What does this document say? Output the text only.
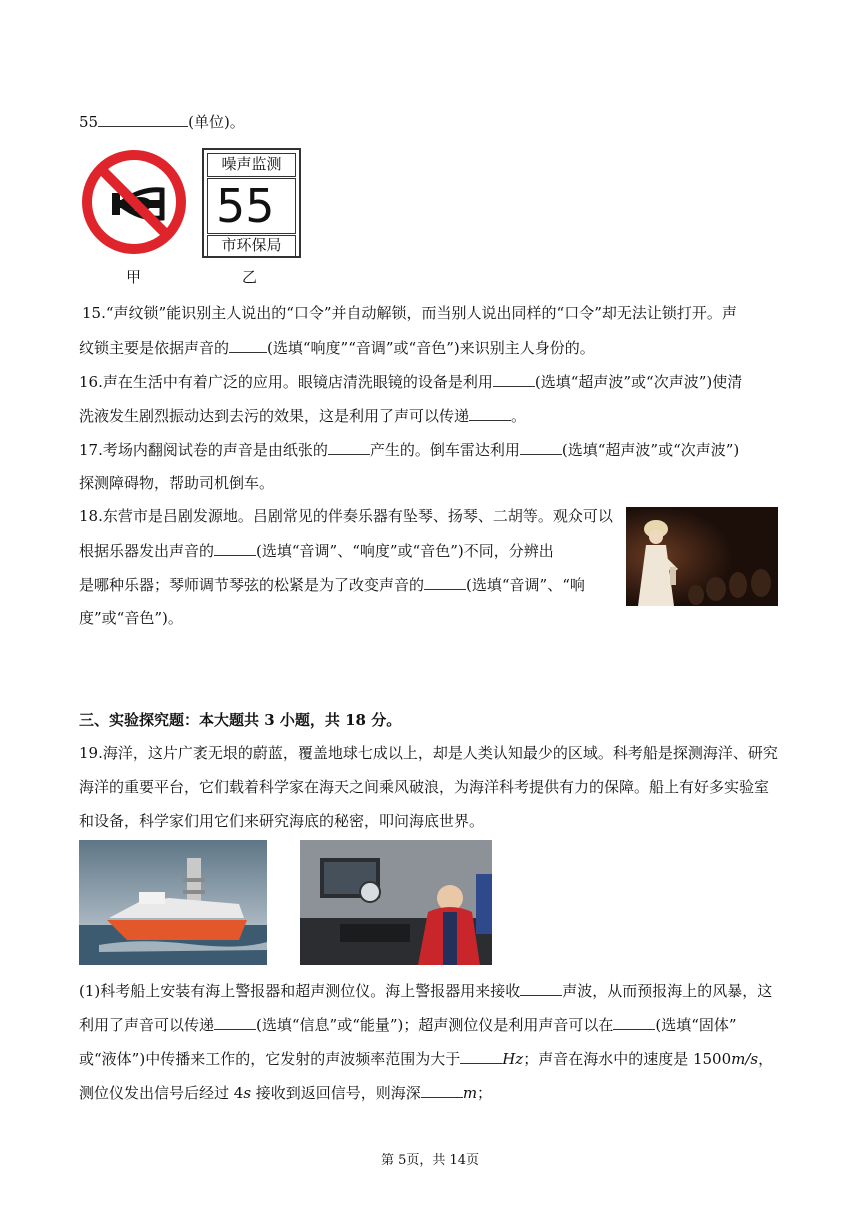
55	(单位)。
甲
噪声监测
55
市环保局
乙
15.“声纹锁”能识别主人说出的“口令”并自动解锁，而当别人说出同样的“口令”却无法让锁打开。声
纹锁主要是依据声音的	(选填“响度”“音调”或“音色”)来识别主人身份的。
16.声在生活中有着广泛的应用。眼镜店清洗眼镜的设备是利用	(选填“超声波”或“次声波”)使清
洗液发生剧烈振动达到去污的效果，这是利用了声可以传递	。
17.考场内翻阅试卷的声音是由纸张的	产生的。倒车雷达利用	(选填“超声波”或“次声波”)
探测障碍物，帮助司机倒车。
18.东营市是吕剧发源地。吕剧常见的伴奏乐器有坠琴、扬琴、二胡等。观众可以
根据乐器发出声音的	(选填“音调”、“响度”或“音色”)不同，分辨出
是哪种乐器；琴师调节琴弦的松紧是为了改变声音的	(选填“音调”、“响
度”或“音色”)。
三、实验探究题：本大题共 3 小题，共 18 分。
19.海洋，这片广袤无垠的蔚蓝，覆盖地球七成以上，却是人类认知最少的区域。科考船是探测海洋、研究
海洋的重要平台，它们载着科学家在海天之间乘风破浪，为海洋科考提供有力的保障。船上有好多实验室
和设备，科学家们用它们来研究海底的秘密，叩问海底世界。
(1)科考船上安装有海上警报器和超声测位仪。海上警报器用来接收	声波，从而预报海上的风暴，这
利用了声音可以传递	(选填“信息”或“能量”)；超声测位仪是利用声音可以在	(选填“固体”
或“液体”)中传播来工作的，它发射的声波频率范围为大于	Hz；声音在海水中的速度是 1500m/s，
测位仪发出信号后经过 4s 接收到返回信号，则海深	m；
第 5页，共 14页
